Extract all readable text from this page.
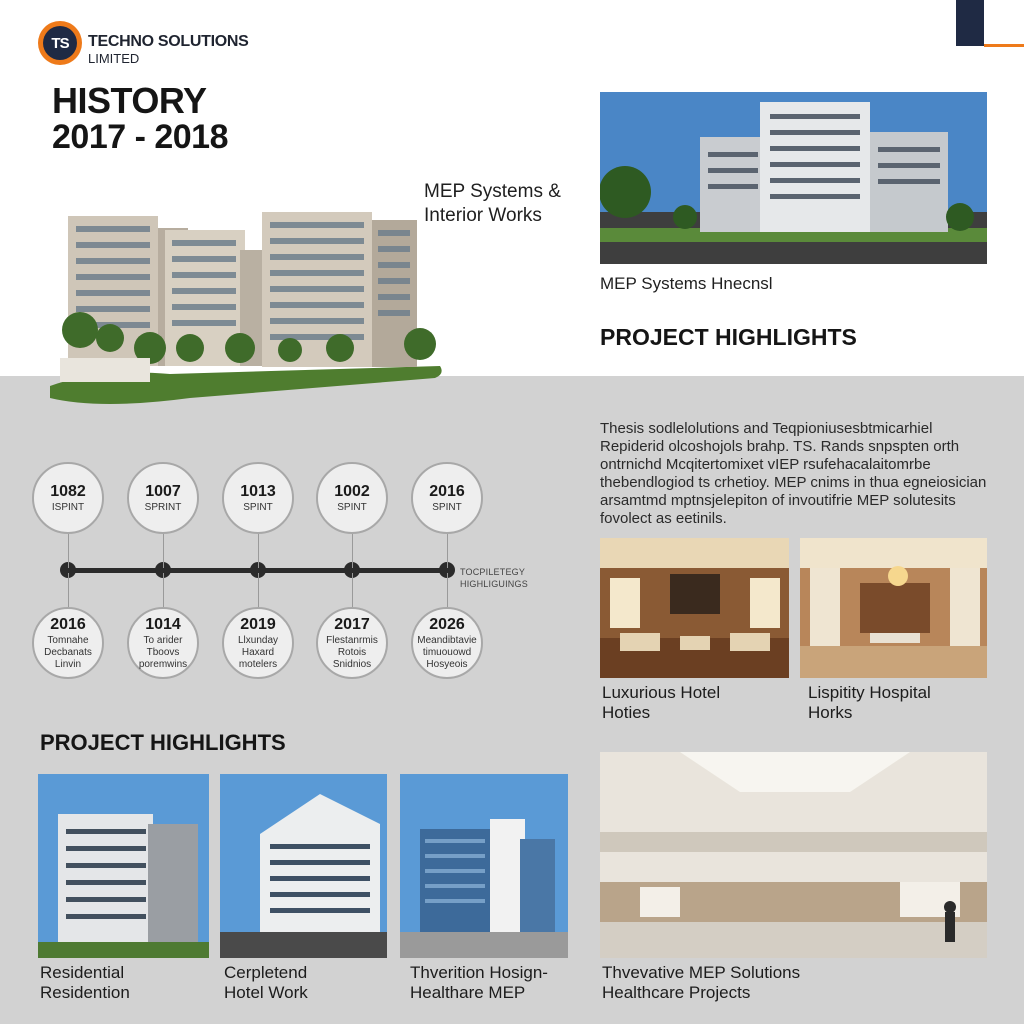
TS	TECHNO SOLUTIONS
LIMITED
HISTORY
2017 - 2018
MEP Systems &
Interior Works
MEP Systems Hnecnsl
PROJECT HIGHLIGHTS
Thesis sodlelolutions and Teqpioniusesbtmicarhiel Repiderid olcoshojols brahp. TS. Rands snpspten orth ontrnichd Mcqitertomixet vIEP rsufehacalaitomrbe thebendlogiod ts crhetioy. MEP cnims in thua egneiosician arsamtmd mptnsjelepiton of invoutifrie MEP solutesits fovolect as eetinils.
1082
ISPINT
1007
SPRINT
1013
SPINT
1002
SPINT
2016
SPINT
2016
Tomnahe
Decbanats
Linvin
1014
To arider
Tboovs
poremwins
2019
Llxunday
Haxard
motelers
2017
Flestanrmis
Rotois
Snidnios
2026
Meandibtavie
timuouowd
Hosyeois
TOCPILETEGY
HIGHLIGUINGS
Luxurious Hotel
Hoties
Lispitity Hospital
Horks
PROJECT HIGHLIGHTS
Residential
Residention
Cerpletend
Hotel Work
Thverition Hosign-
Healthare MEP
Thvevative MEP Solutions
Healthcare Projects
